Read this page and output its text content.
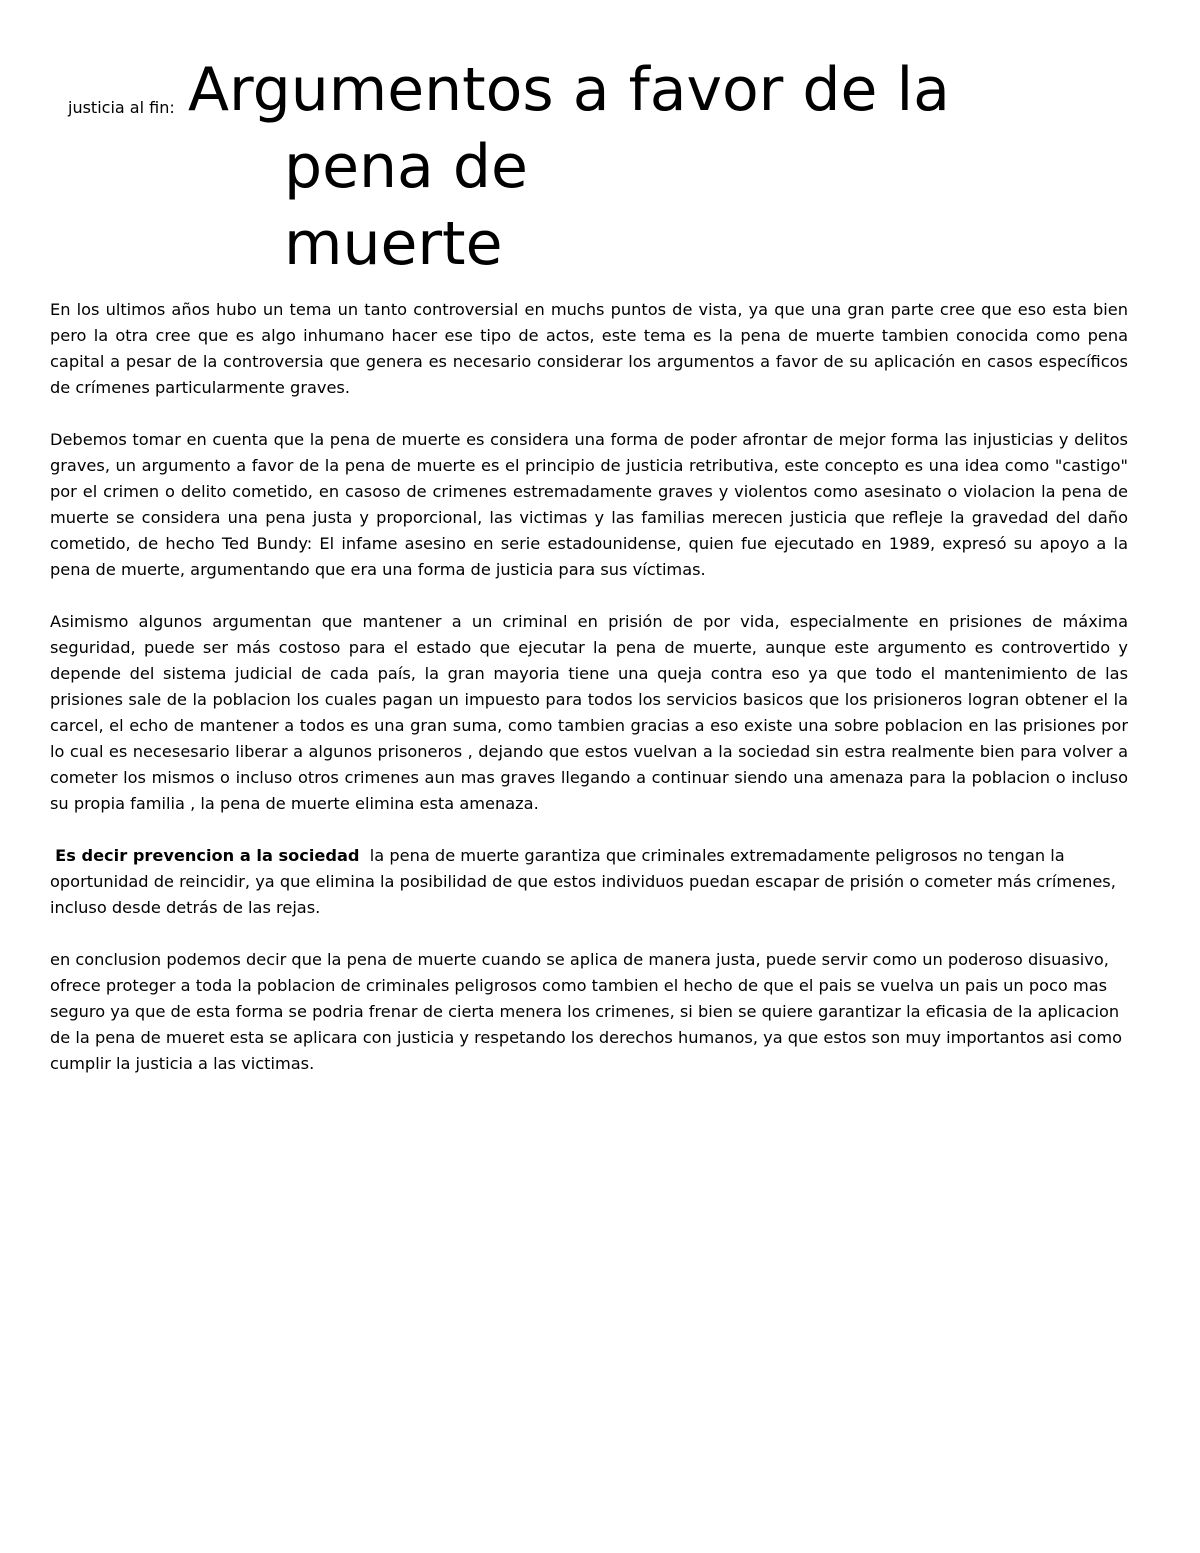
justicia al fin: Argumentos a favor de la
pena de
muerte

En los ultimos años hubo un tema un tanto controversial en muchs puntos de vista, ya que una gran parte cree que eso esta bien pero la otra cree que es algo inhumano hacer ese tipo de actos, este tema es la pena de muerte tambien conocida como pena capital a pesar de la controversia que genera es necesario considerar los argumentos a favor de su aplicación en casos específicos de crímenes particularmente graves.

Debemos tomar en cuenta que la pena de muerte es considera una forma de poder afrontar de mejor forma las injusticias y delitos graves, un argumento a favor de la pena de muerte es el principio de justicia retributiva, este concepto es una idea como "castigo" por el crimen o delito cometido, en casoso de crimenes estremadamente graves y violentos como asesinato o violacion la pena de muerte se considera una pena justa y proporcional, las victimas y las familias merecen justicia que refleje la gravedad del daño cometido, de hecho Ted Bundy: El infame asesino en serie estadounidense, quien fue ejecutado en 1989, expresó su apoyo a la pena de muerte, argumentando que era una forma de justicia para sus víctimas.

Asimismo algunos argumentan que mantener a un criminal en prisión de por vida, especialmente en prisiones de máxima seguridad, puede ser más costoso para el estado que ejecutar la pena de muerte, aunque este argumento es controvertido y depende del sistema judicial de cada país, la gran mayoria tiene una queja contra eso ya que todo el mantenimiento de las prisiones sale de la poblacion los cuales pagan un impuesto para todos los servicios basicos que los prisioneros logran obtener el la carcel, el echo de mantener a todos es una gran suma, como tambien gracias a eso existe una sobre poblacion en las prisiones por lo cual es necesesario liberar a algunos prisoneros , dejando que estos vuelvan a la sociedad sin estra realmente bien para volver a cometer los mismos o incluso otros crimenes aun mas graves llegando a continuar siendo una amenaza para la poblacion o incluso su propia familia , la pena de muerte elimina esta amenaza.

Es decir prevencion a la sociedad la pena de muerte garantiza que criminales extremadamente peligrosos no tengan la oportunidad de reincidir, ya que elimina la posibilidad de que estos individuos puedan escapar de prisión o cometer más crímenes, incluso desde detrás de las rejas.

en conclusion podemos decir que la pena de muerte cuando se aplica de manera justa, puede servir como un poderoso disuasivo, ofrece proteger a toda la poblacion de criminales peligrosos como tambien el hecho de que el pais se vuelva un pais un poco mas seguro ya que de esta forma se podria frenar de cierta menera los crimenes, si bien se quiere garantizar la eficasia de la aplicacion de la pena de mueret esta se aplicara con justicia y respetando los derechos humanos, ya que estos son muy importantos asi como cumplir la justicia a las victimas.
